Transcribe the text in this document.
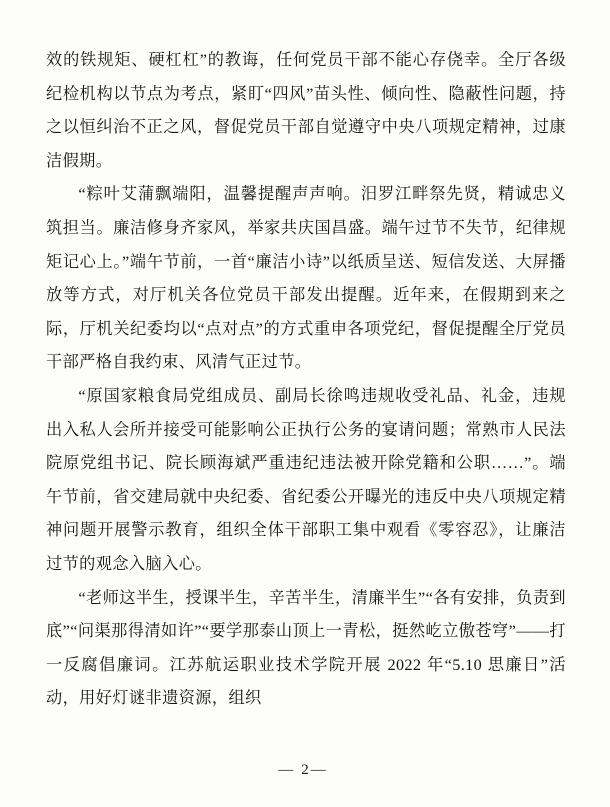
效的铁规矩、硬杠杠”的教诲，任何党员干部不能心存侥幸。全厅各级纪检机构以节点为考点，紧盯“四风”苗头性、倾向性、隐蔽性问题，持之以恒纠治不正之风，督促党员干部自觉遵守中央八项规定精神，过康洁假期。

“粽叶艾蒲飘端阳，温馨提醒声声响。汨罗江畔祭先贤，精诚忠义筑担当。廉洁修身齐家风，举家共庆国昌盛。端午过节不失节，纪律规矩记心上。”端午节前，一首“廉洁小诗”以纸质呈送、短信发送、大屏播放等方式，对厅机关各位党员干部发出提醒。近年来，在假期到来之际，厅机关纪委均以“点对点”的方式重申各项党纪，督促提醒全厅党员干部严格自我约束、风清气正过节。

“原国家粮食局党组成员、副局长徐鸣违规收受礼品、礼金，违规出入私人会所并接受可能影响公正执行公务的宴请问题；常熟市人民法院原党组书记、院长顾海斌严重违纪违法被开除党籍和公职……”。端午节前，省交建局就中央纪委、省纪委公开曝光的违反中央八项规定精神问题开展警示教育，组织全体干部职工集中观看《零容忍》，让廉洁过节的观念入脑入心。

“老师这半生，授课半生，辛苦半生，清廉半生”“各有安排，负责到底”“问渠那得清如许”“要学那泰山顶上一青松，挺然屹立傲苍穹”——打一反腐倡廉词。江苏航运职业技术学院开展 2022 年“5.10 思廉日”活动，用好灯谜非遗资源，组织

— 2 —
